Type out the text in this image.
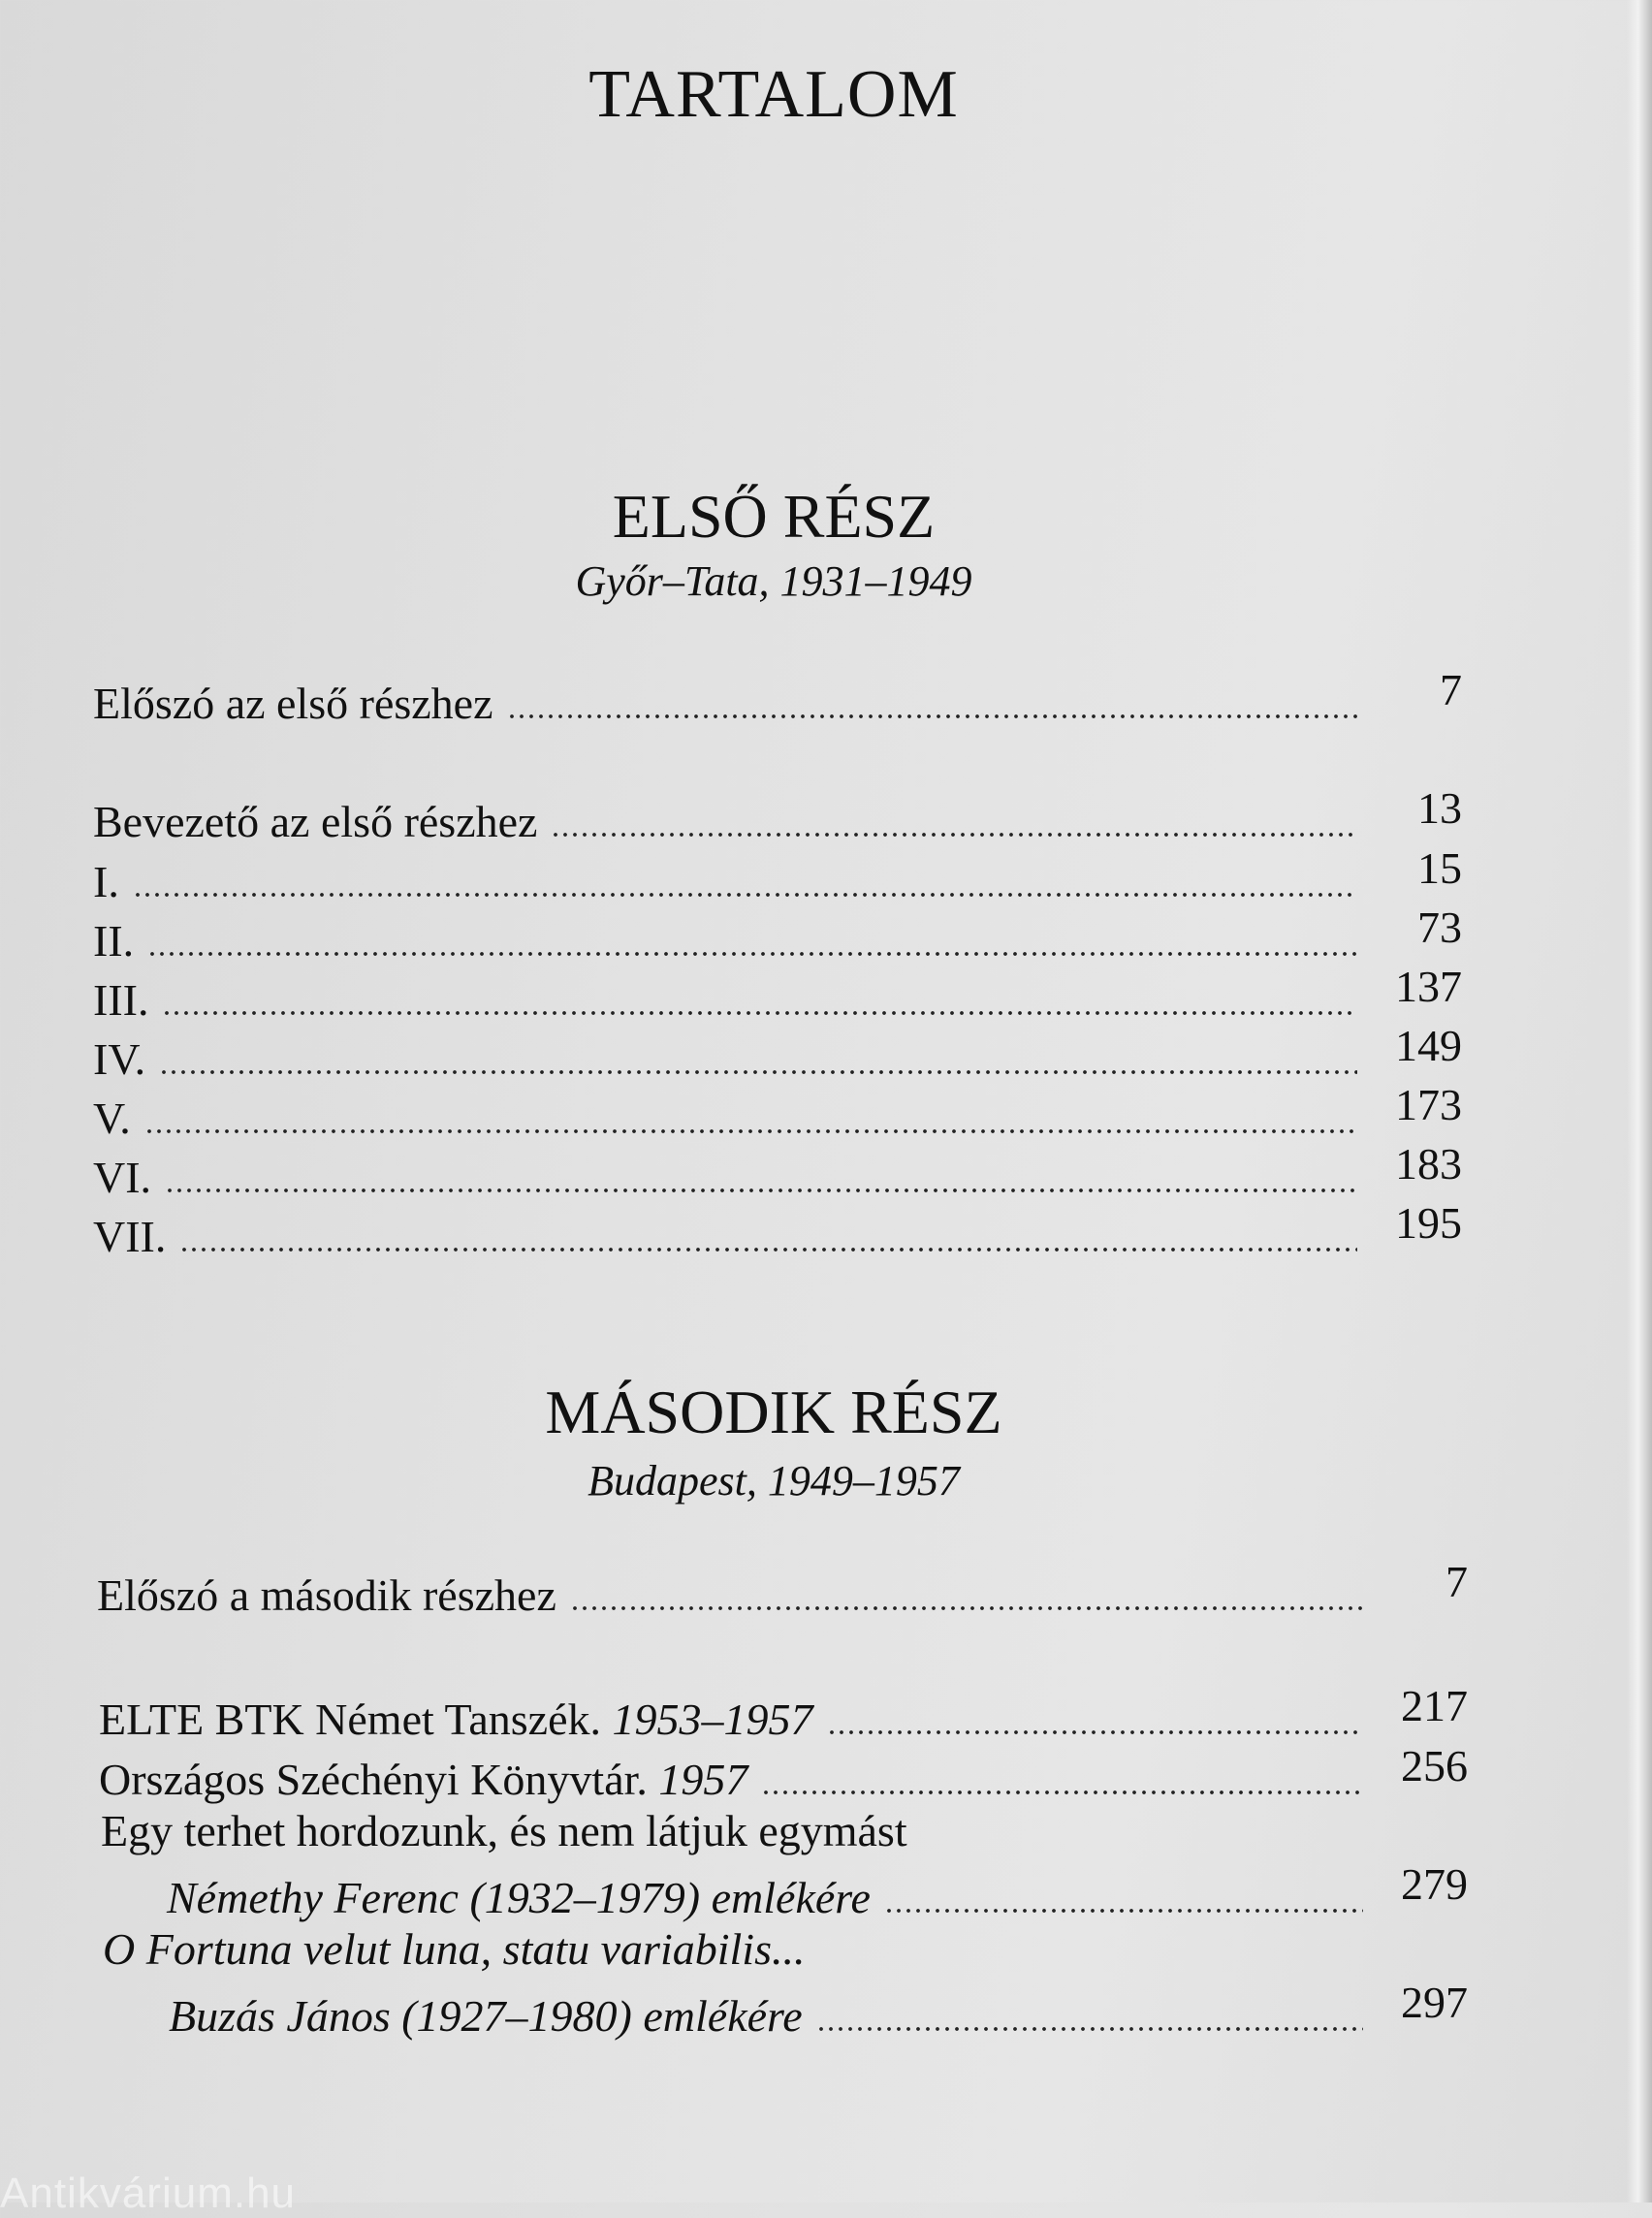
TARTALOM
ELSŐ RÉSZ
Győr–Tata, 1931–1949
Előszó az első részhez	7
Bevezető az első részhez	13
I.	15
II.	73
III.	137
IV.	149
V.	173
VI.	183
VII.	195
MÁSODIK RÉSZ
Budapest, 1949–1957
Előszó a második részhez	7
ELTE BTK Német Tanszék. 1953–1957	217
Országos Széchényi Könyvtár. 1957	256
Egy terhet hordozunk, és nem látjuk egymást
Némethy Ferenc (1932–1979) emlékére	279
O Fortuna velut luna, statu variabilis...
Buzás János (1927–1980) emlékére	297
Antikvárium.hu
